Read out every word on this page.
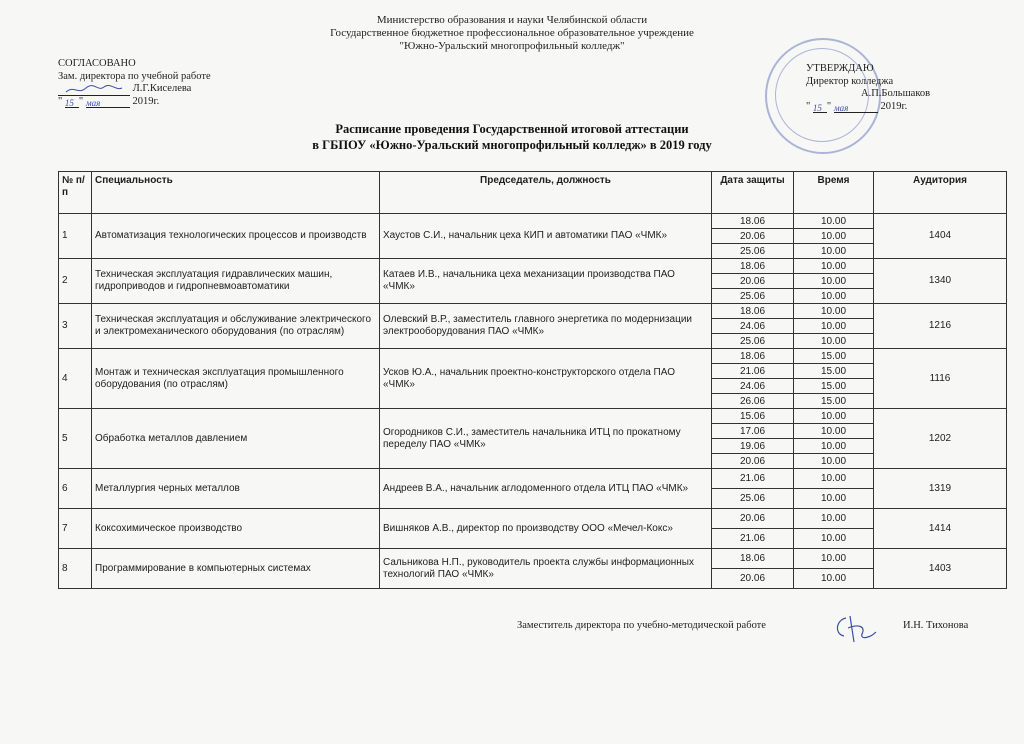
Министерство образования и науки Челябинской области
Государственное бюджетное профессиональное образовательное учреждение
"Южно-Уральский многопрофильный колледж"
СОГЛАСОВАНО
Зам. директора по учебной работе
Л.Г.Киселева
" 15 " мая	2019г.
УТВЕРЖДАЮ
Директор колледжа
А.П.Большаков
" 15 " мая	2019г.
Расписание проведения Государственной итоговой аттестации
в ГБПОУ «Южно-Уральский многопрофильный колледж» в 2019 году
№ п/п	Специальность	Председатель, должность	Дата защиты	Время	Аудитория
1	Автоматизация технологических процессов и производств	Хаустов С.И., начальник цеха КИП и автоматики ПАО «ЧМК»	18.06	10.00	1404
			20.06	10.00	
			25.06	10.00	
2	Техническая эксплуатация гидравлических машин, гидроприводов и гидропневмоавтоматики	Катаев И.В., начальника цеха механизации производства ПАО «ЧМК»	18.06	10.00	1340
			20.06	10.00	
			25.06	10.00	
3	Техническая эксплуатация и обслуживание электрического и электромеханического оборудования (по отраслям)	Олевский В.Р., заместитель главного энергетика по модернизации электрооборудования ПАО «ЧМК»	18.06	10.00	1216
			24.06	10.00	
			25.06	10.00	
4	Монтаж и техническая эксплуатация промышленного оборудования (по отраслям)	Усков Ю.А., начальник проектно-конструкторского отдела ПАО «ЧМК»	18.06	15.00	1116
			21.06	15.00	
			24.06	15.00	
			26.06	15.00	
5	Обработка металлов давлением	Огородников С.И., заместитель начальника ИТЦ по прокатному переделу ПАО «ЧМК»	15.06	10.00	1202
			17.06	10.00	
			19.06	10.00	
			20.06	10.00	
6	Металлургия черных металлов	Андреев В.А., начальник аглодоменного отдела ИТЦ ПАО «ЧМК»	21.06	10.00	1319
			25.06	10.00	
7	Коксохимическое производство	Вишняков А.В., директор по производству ООО «Мечел-Кокс»	20.06	10.00	1414
			21.06	10.00	
8	Программирование в компьютерных системах	Сальникова Н.П., руководитель проекта службы информационных технологий ПАО «ЧМК»	18.06	10.00	1403
			20.06	10.00	
Заместитель директора по учебно-методической работе	И.Н. Тихонова
